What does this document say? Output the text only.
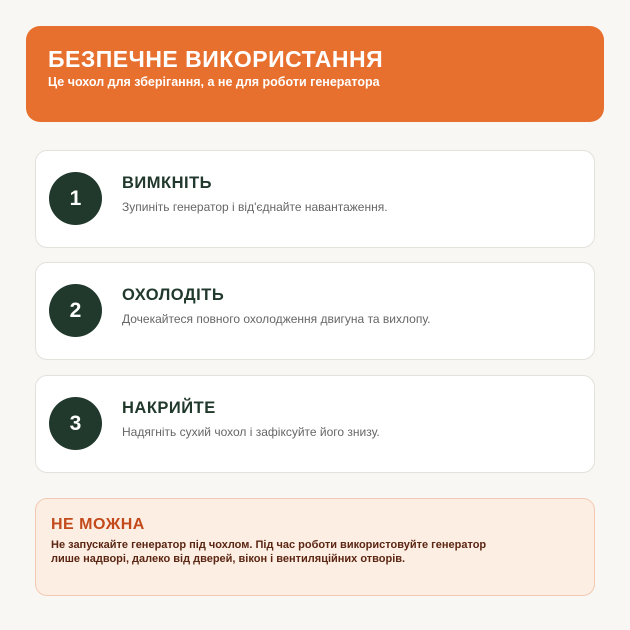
БЕЗПЕЧНЕ ВИКОРИСТАННЯ
Це чохол для зберігання, а не для роботи генератора
1
ВИМКНІТЬ
Зупиніть генератор і від'єднайте навантаження.
2
ОХОЛОДІТЬ
Дочекайтеся повного охолодження двигуна та вихлопу.
3
НАКРИЙТЕ
Надягніть сухий чохол і зафіксуйте його знизу.
НЕ МОЖНА
Не запускайте генератор під чохлом. Під час роботи використовуйте генератор лише надворі, далеко від дверей, вікон і вентиляційних отворів.
